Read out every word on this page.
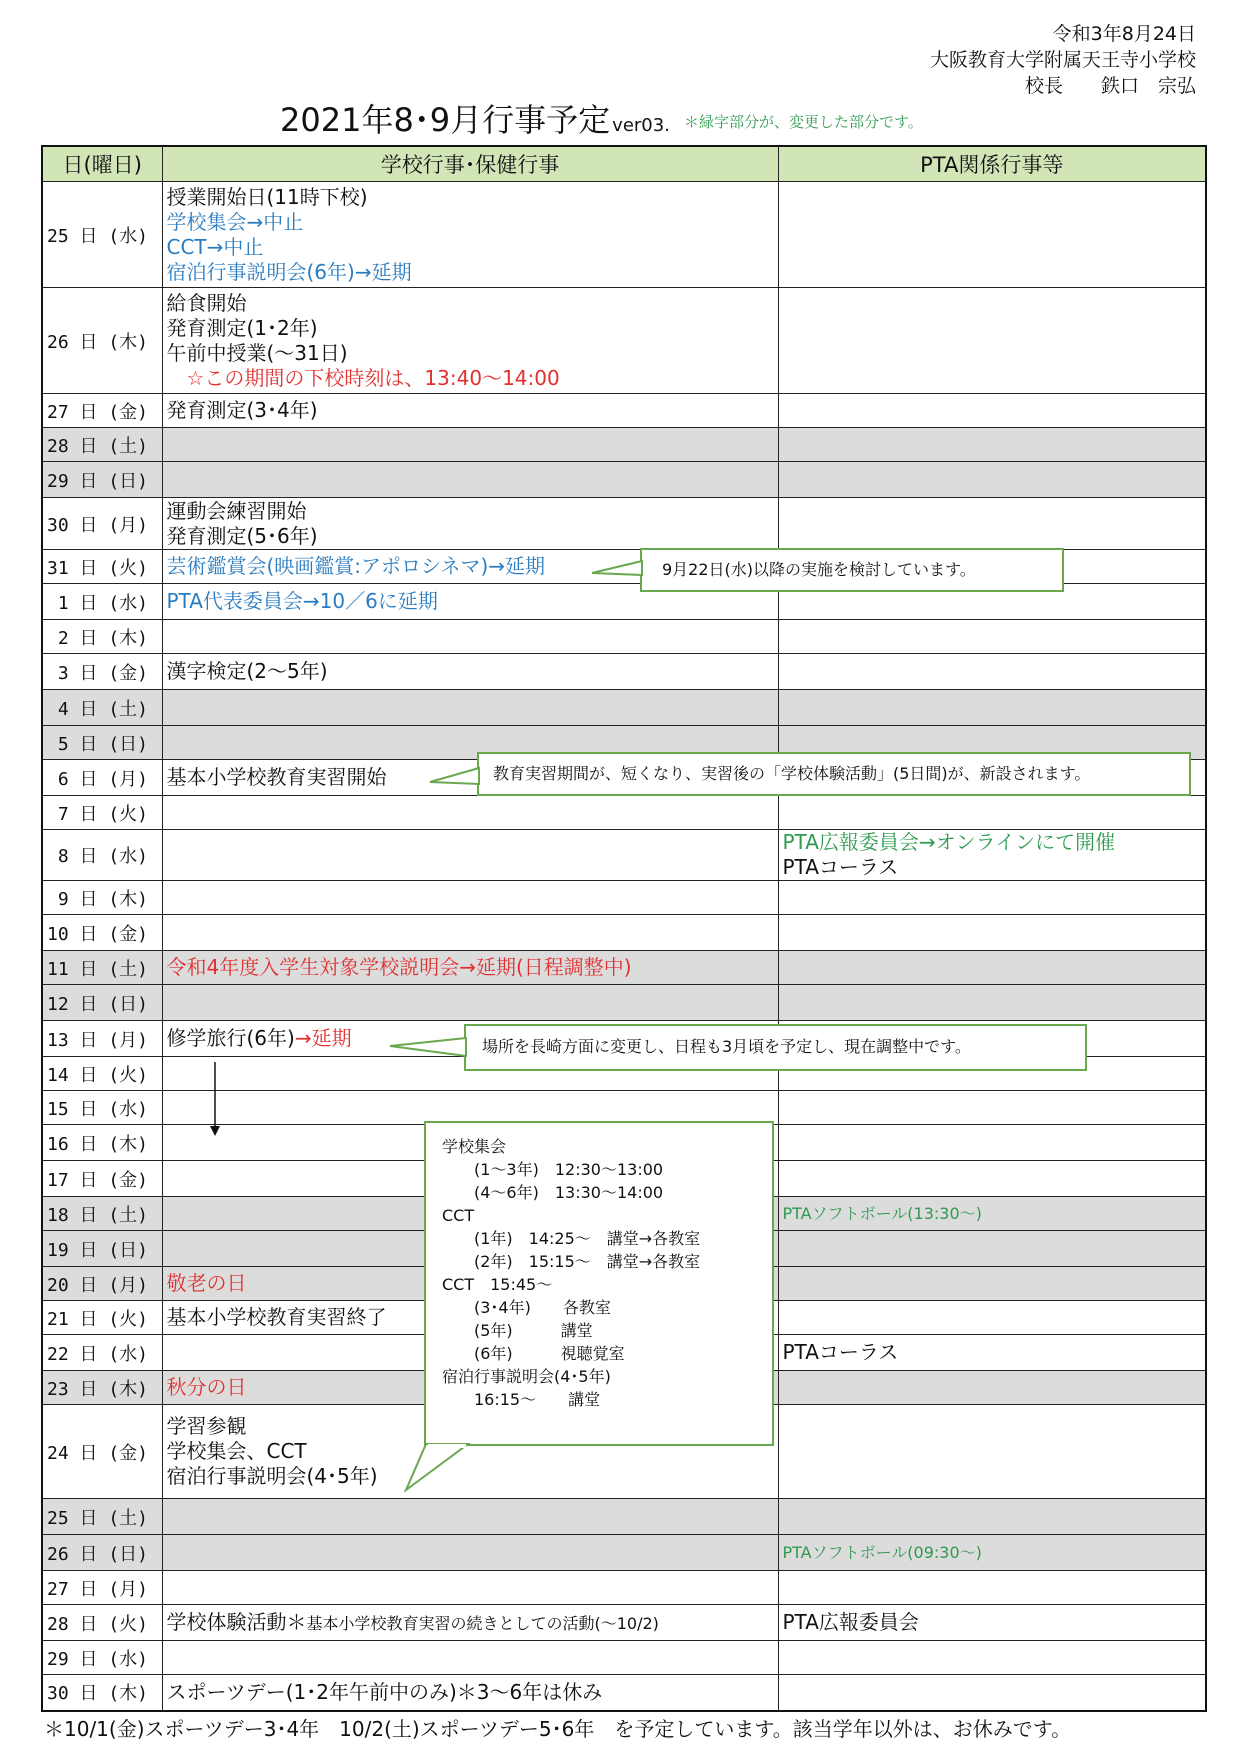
令和3年8月24日
大阪教育大学附属天王寺小学校
校長　　鉄口　宗弘
2021年8･9月行事予定 ver03. ＊緑字部分が、変更した部分です。
日(曜日)	学校行事･保健行事	PTA関係行事等
25 日 (水)	授業開始日(11時下校)
学校集会→中止
CCT→中止
宿泊行事説明会(6年)→延期	

26 日 (木)	給食開始
発育測定(1･2年)
午前中授業(～31日)
　☆この期間の下校時刻は、13:40～14:00	

27 日 (金)	発育測定(3･4年)	

28 日 (土)		
29 日 (日)		
30 日 (月)	運動会練習開始
発育測定(5･6年)	

31 日 (火)	芸術鑑賞会(映画鑑賞:アポロシネマ)→延期	

1 日 (水)	PTA代表委員会→10／6に延期	

2 日 (木)		
3 日 (金)	漢字検定(2～5年)	

4 日 (土)		
5 日 (日)		
6 日 (月)	基本小学校教育実習開始	

7 日 (火)		
8 日 (水)		PTA広報委員会→オンラインにて開催
PTAコーラス

9 日 (木)		
10 日 (金)		
11 日 (土)	令和4年度入学生対象学校説明会→延期(日程調整中)	

12 日 (日)		
13 日 (月)	修学旅行(6年)→延期	

14 日 (火)		
15 日 (水)		
16 日 (木)		
17 日 (金)		
18 日 (土)		PTAソフトボール(13:30～)

19 日 (日)		
20 日 (月)	敬老の日	

21 日 (火)	基本小学校教育実習終了	

22 日 (水)		PTAコーラス

23 日 (木)	秋分の日	

24 日 (金)	学習参観
学校集会、CCT
宿泊行事説明会(4･5年)	

25 日 (土)		
26 日 (日)		PTAソフトボール(09:30～)

27 日 (月)		
28 日 (火)	学校体験活動＊基本小学校教育実習の続きとしての活動(～10/2)	PTA広報委員会

29 日 (水)		
30 日 (木)	スポーツデー(1･2年午前中のみ)＊3～6年は休み	

9月22日(水)以降の実施を検討しています。
教育実習期間が、短くなり、実習後の「学校体験活動」(5日間)が、新設されます。
場所を長崎方面に変更し、日程も3月頃を予定し、現在調整中です。
学校集会
　　(1～3年)　12:30～13:00
　　(4～6年)　13:30～14:00
CCT
　　(1年)　14:25～　講堂→各教室
　　(2年)　15:15～　講堂→各教室
CCT　15:45～
　　(3･4年)　　各教室
　　(5年)　　　講堂
　　(6年)　　　視聴覚室
宿泊行事説明会(4･5年)
　　16:15～　　講堂
＊10/1(金)スポーツデー3･4年　10/2(土)スポーツデー5･6年　を予定しています。該当学年以外は、お休みです。
